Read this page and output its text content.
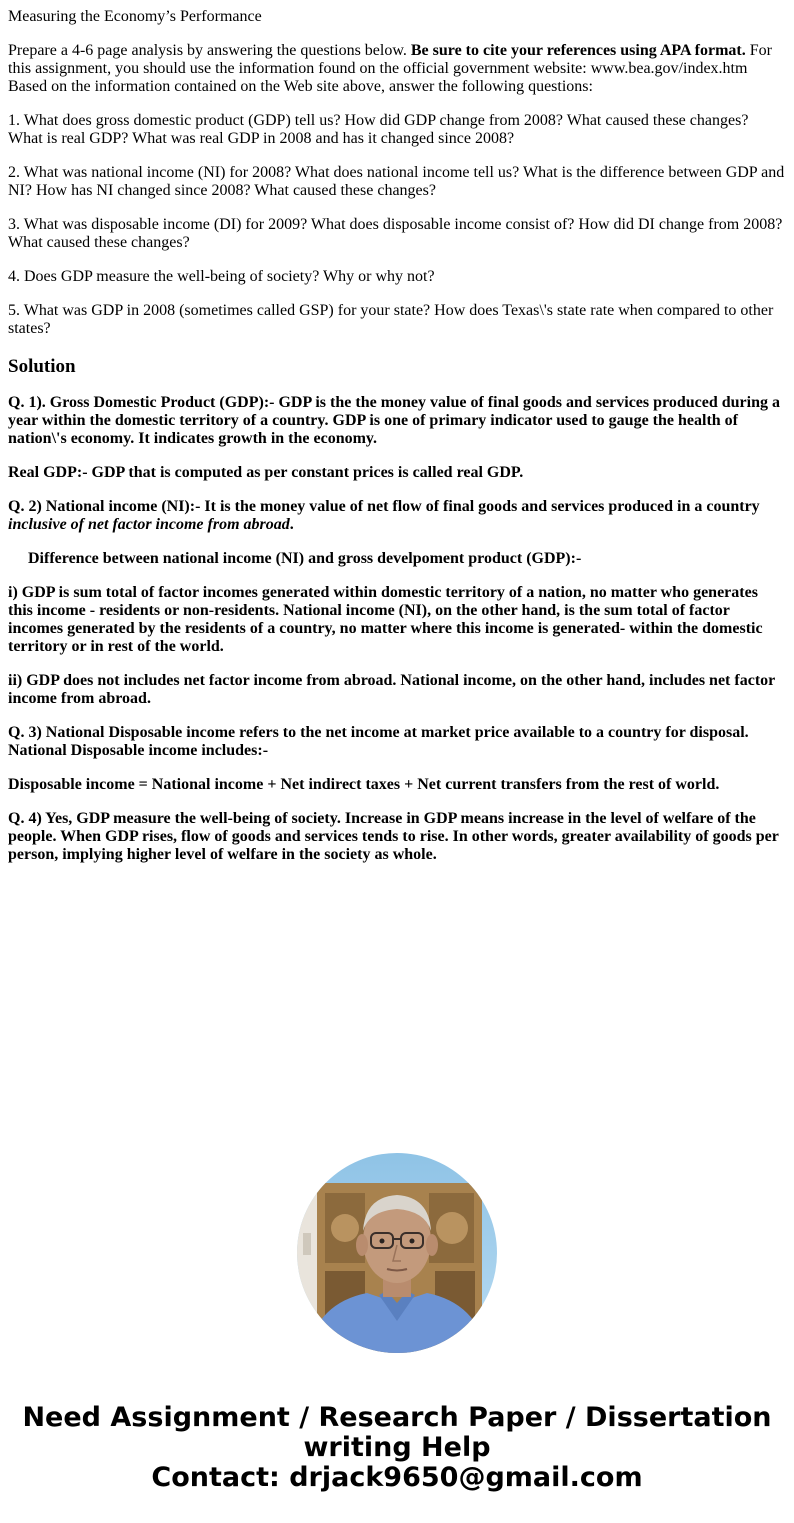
Measuring the Economy’s Performance

Prepare a 4-6 page analysis by answering the questions below. Be sure to cite your references using APA format. For this assignment, you should use the information found on the official government website: www.bea.gov/index.htm Based on the information contained on the Web site above, answer the following questions:

1. What does gross domestic product (GDP) tell us? How did GDP change from 2008? What caused these changes? What is real GDP? What was real GDP in 2008 and has it changed since 2008?

2. What was national income (NI) for 2008? What does national income tell us? What is the difference between GDP and NI? How has NI changed since 2008? What caused these changes?

3. What was disposable income (DI) for 2009? What does disposable income consist of? How did DI change from 2008? What caused these changes?

4. Does GDP measure the well-being of society? Why or why not?

5. What was GDP in 2008 (sometimes called GSP) for your state? How does Texas\'s state rate when compared to other states?

Solution

Q. 1). Gross Domestic Product (GDP):- GDP is the the money value of final goods and services produced during a year within the domestic territory of a country. GDP is one of primary indicator used to gauge the health of nation\'s economy. It indicates growth in the economy.

Real GDP:- GDP that is computed as per constant prices is called real GDP.

Q. 2) National income (NI):- It is the money value of net flow of final goods and services produced in a country inclusive of net factor income from abroad.

Difference between national income (NI) and gross develpoment product (GDP):-

i) GDP is sum total of factor incomes generated within domestic territory of a nation, no matter who generates this income - residents or non-residents. National income (NI), on the other hand, is the sum total of factor incomes generated by the residents of a country, no matter where this income is generated- within the domestic territory or in rest of the world.

ii) GDP does not includes net factor income from abroad. National income, on the other hand, includes net factor income from abroad.

Q. 3) National Disposable income refers to the net income at market price available to a country for disposal. National Disposable income includes:-

Disposable income = National income + Net indirect taxes + Net current transfers from the rest of world.

Q. 4) Yes, GDP measure the well-being of society. Increase in GDP means increase in the level of welfare of the people. When GDP rises, flow of goods and services tends to rise. In other words, greater availability of goods per person, implying higher level of welfare in the society as whole.

Need Assignment / Research Paper / Dissertation
writing Help
Contact: drjack9650@gmail.com
